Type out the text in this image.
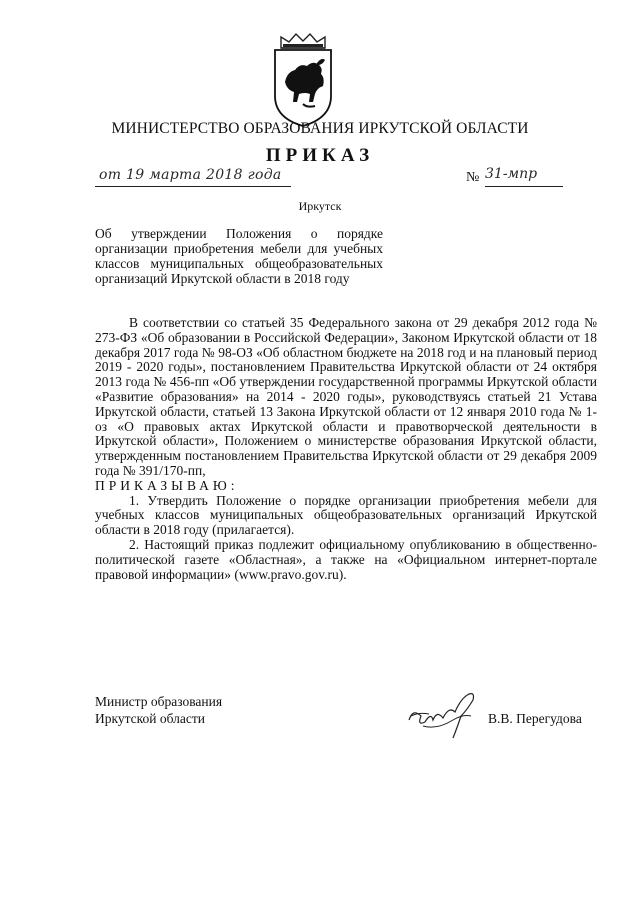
МИНИСТЕРСТВО ОБРАЗОВАНИЯ ИРКУТСКОЙ ОБЛАСТИ
ПРИКАЗ
от 19 марта 2018 года	№ 31-мпр
Иркутск
Об утверждении Положения о порядке организации приобретения мебели для учебных классов муниципальных общеобразовательных организаций Иркутской области в 2018 году

В соответствии со статьей 35 Федерального закона от 29 декабря 2012 года № 273-ФЗ «Об образовании в Российской Федерации», Законом Иркутской области от 18 декабря 2017 года № 98-ОЗ «Об областном бюджете на 2018 год и на плановый период 2019 - 2020 годы», постановлением Правительства Иркутской области от 24 октября 2013 года № 456-пп «Об утверждении государственной программы Иркутской области «Развитие образования» на 2014 - 2020 годы», руководствуясь статьей 21 Устава Иркутской области, статьей 13 Закона Иркутской области от 12 января 2010 года № 1-оз «О правовых актах Иркутской области и правотворческой деятельности в Иркутской области», Положением о министерстве образования Иркутской области, утвержденным постановлением Правительства Иркутской области от 29 декабря 2009 года № 391/170-пп,

ПРИКАЗЫВАЮ:

1. Утвердить Положение о порядке организации приобретения мебели для учебных классов муниципальных общеобразовательных организаций Иркутской области в 2018 году (прилагается).

2. Настоящий приказ подлежит официальному опубликованию в общественно-политической газете «Областная», а также на «Официальном интернет-портале правовой информации» (www.pravo.gov.ru).

Министр образования
Иркутской области	В.В. Перегудова
